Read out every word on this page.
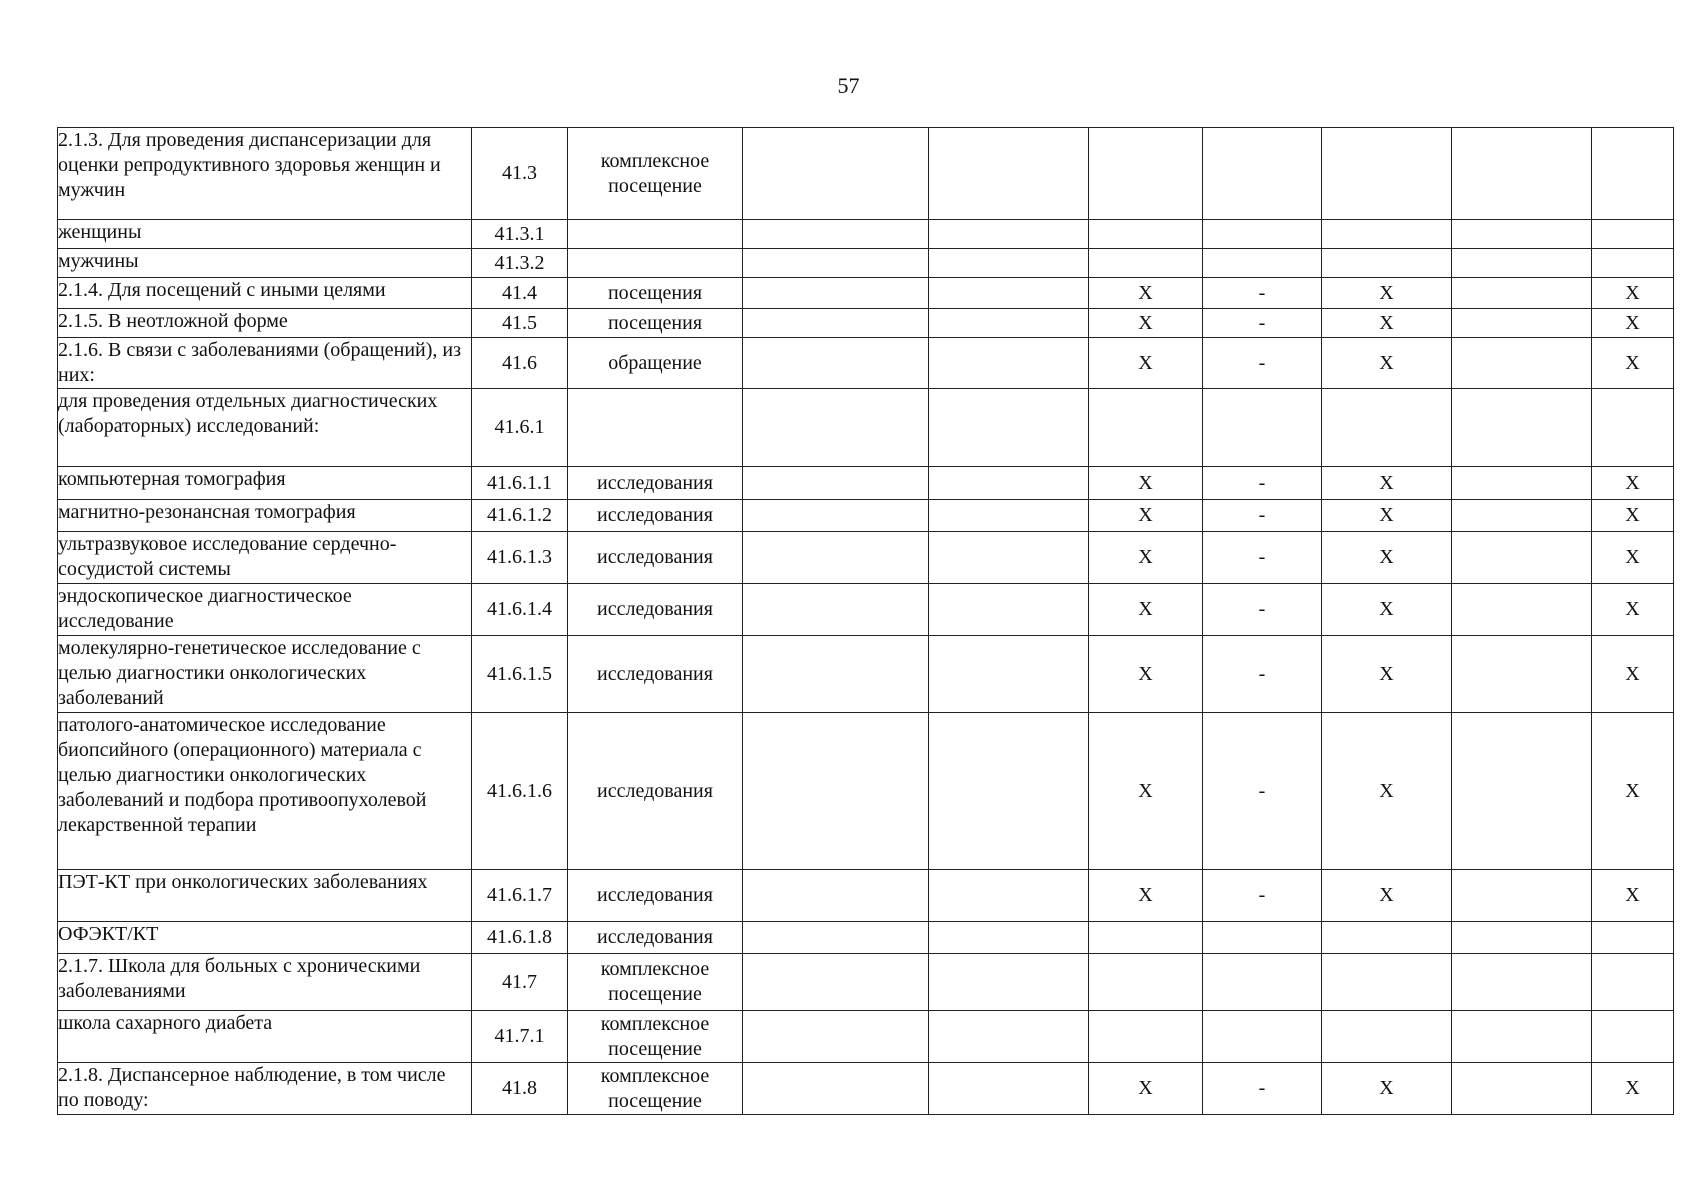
57
2.1.3. Для проведения диспансеризации для оценки репродуктивного здоровья женщин и мужчин	41.3	комплексное посещение							
женщины	41.3.1								
мужчины	41.3.2								
2.1.4. Для посещений с иными целями	41.4	посещения			X	-	X		X
2.1.5. В неотложной форме	41.5	посещения			X	-	X		X
2.1.6. В связи с заболеваниями (обращений), из них:	41.6	обращение			X	-	X		X
для проведения отдельных диагностических (лабораторных) исследований:	41.6.1								
компьютерная томография	41.6.1.1	исследования			X	-	X		X
магнитно-резонансная томография	41.6.1.2	исследования			X	-	X		X
ультразвуковое исследование сердечно-сосудистой системы	41.6.1.3	исследования			X	-	X		X
эндоскопическое диагностическое исследование	41.6.1.4	исследования			X	-	X		X
молекулярно-генетическое исследование с целью диагностики онкологических заболеваний	41.6.1.5	исследования			X	-	X		X
патолого-анатомическое исследование биопсийного (операционного) материала с целью диагностики онкологических заболеваний и подбора противоопухолевой лекарственной терапии	41.6.1.6	исследования			X	-	X		X
ПЭТ-КТ при онкологических заболеваниях	41.6.1.7	исследования			X	-	X		X
ОФЭКТ/КТ	41.6.1.8	исследования							
2.1.7. Школа для больных с хроническими заболеваниями	41.7	комплексное посещение							
школа сахарного диабета	41.7.1	комплексное посещение							
2.1.8. Диспансерное наблюдение, в том числе по поводу:	41.8	комплексное посещение			X	-	X		X
